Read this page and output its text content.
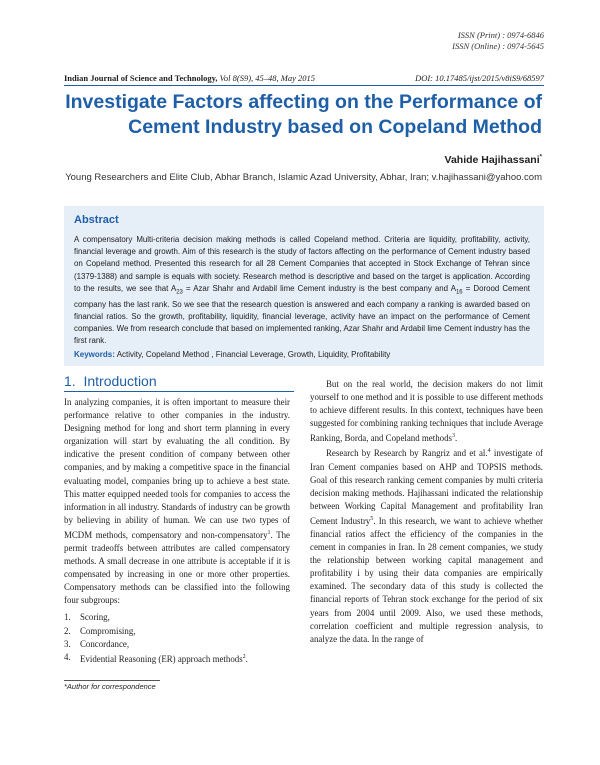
ISSN (Print) : 0974-6846
ISSN (Online) : 0974-5645
Indian Journal of Science and Technology, Vol 8(S9), 45–48, May 2015	DOI: 10.17485/ijst/2015/v8iS9/68597
Investigate Factors affecting on the Performance of
Cement Industry based on Copeland Method
Vahide Hajihassani*
Young Researchers and Elite Club, Abhar Branch, Islamic Azad University, Abhar, Iran; v.hajihassani@yahoo.com
Abstract
A compensatory Multi-criteria decision making methods is called Copeland method. Criteria are liquidity, profitability, activity, financial leverage and growth. Aim of this research is the study of factors affecting on the performance of Cement industry based on Copeland method. Presented this research for all 28 Cement Companies that accepted in Stock Exchange of Tehran since (1379-1388) and sample is equals with society. Research method is descriptive and based on the target is application. According to the results, we see that $A_{23}$ = Azar Shahr and Ardabil lime Cement industry is the best company and $A_{16}$ = Dorood Cement company has the last rank. So we see that the research question is answered and each company a ranking is awarded based on financial ratios. So the growth, profitability, liquidity, financial leverage, activity have an impact on the performance of Cement companies. We from research conclude that based on implemented ranking, Azar Shahr and Ardabil lime Cement industry has the first rank.
Keywords: Activity, Copeland Method , Financial Leverage, Growth, Liquidity, Profitability
1. Introduction

In analyzing companies, it is often important to measure their performance relative to other companies in the industry. Designing method for long and short term planning in every organization will start by evaluating the all condition. By indicative the present condition of company between other companies, and by making a competitive space in the financial evaluating model, companies bring up to achieve a best state. This matter equipped needed tools for companies to access the information in all industry. Standards of industry can be growth by believing in ability of human. We can use two types of MCDM methods, compensatory and non-compensatory$^1$. The permit tradeoffs between attributes are called compensatory methods. A small decrease in one attribute is acceptable if it is compensated by increasing in one or more other properties. Compensatory methods can be classified into the following four subgroups:

1.	Scoring,
2.	Compromising,
3.	Concordance,
4.	Evidential Reasoning (ER) approach methods$^2$.

But on the real world, the decision makers do not limit yourself to one method and it is possible to use different methods to achieve different results. In this context, techniques have been suggested for combining ranking techniques that include Average Ranking, Borda, and Copeland methods$^3$.

Research by Research by Rangriz and et al.$^4$ investigate of Iran Cement companies based on AHP and TOPSIS methods. Goal of this research ranking cement companies by multi criteria decision making methods. Hajihassani indicated the relationship between Working Capital Management and profitability Iran Cement Industry$^5$. In this research, we want to achieve whether financial ratios affect the efficiency of the companies in the cement in companies in Iran. In 28 cement companies, we study the relationship between working capital management and profitability i by using their data companies are empirically examined. The secondary data of this study is collected the financial reports of Tehran stock exchange for the period of six years from 2004 until 2009. Also, we used these methods, correlation coefficient and multiple regression analysis, to analyze the data. In the range of

*Author for correspondence
